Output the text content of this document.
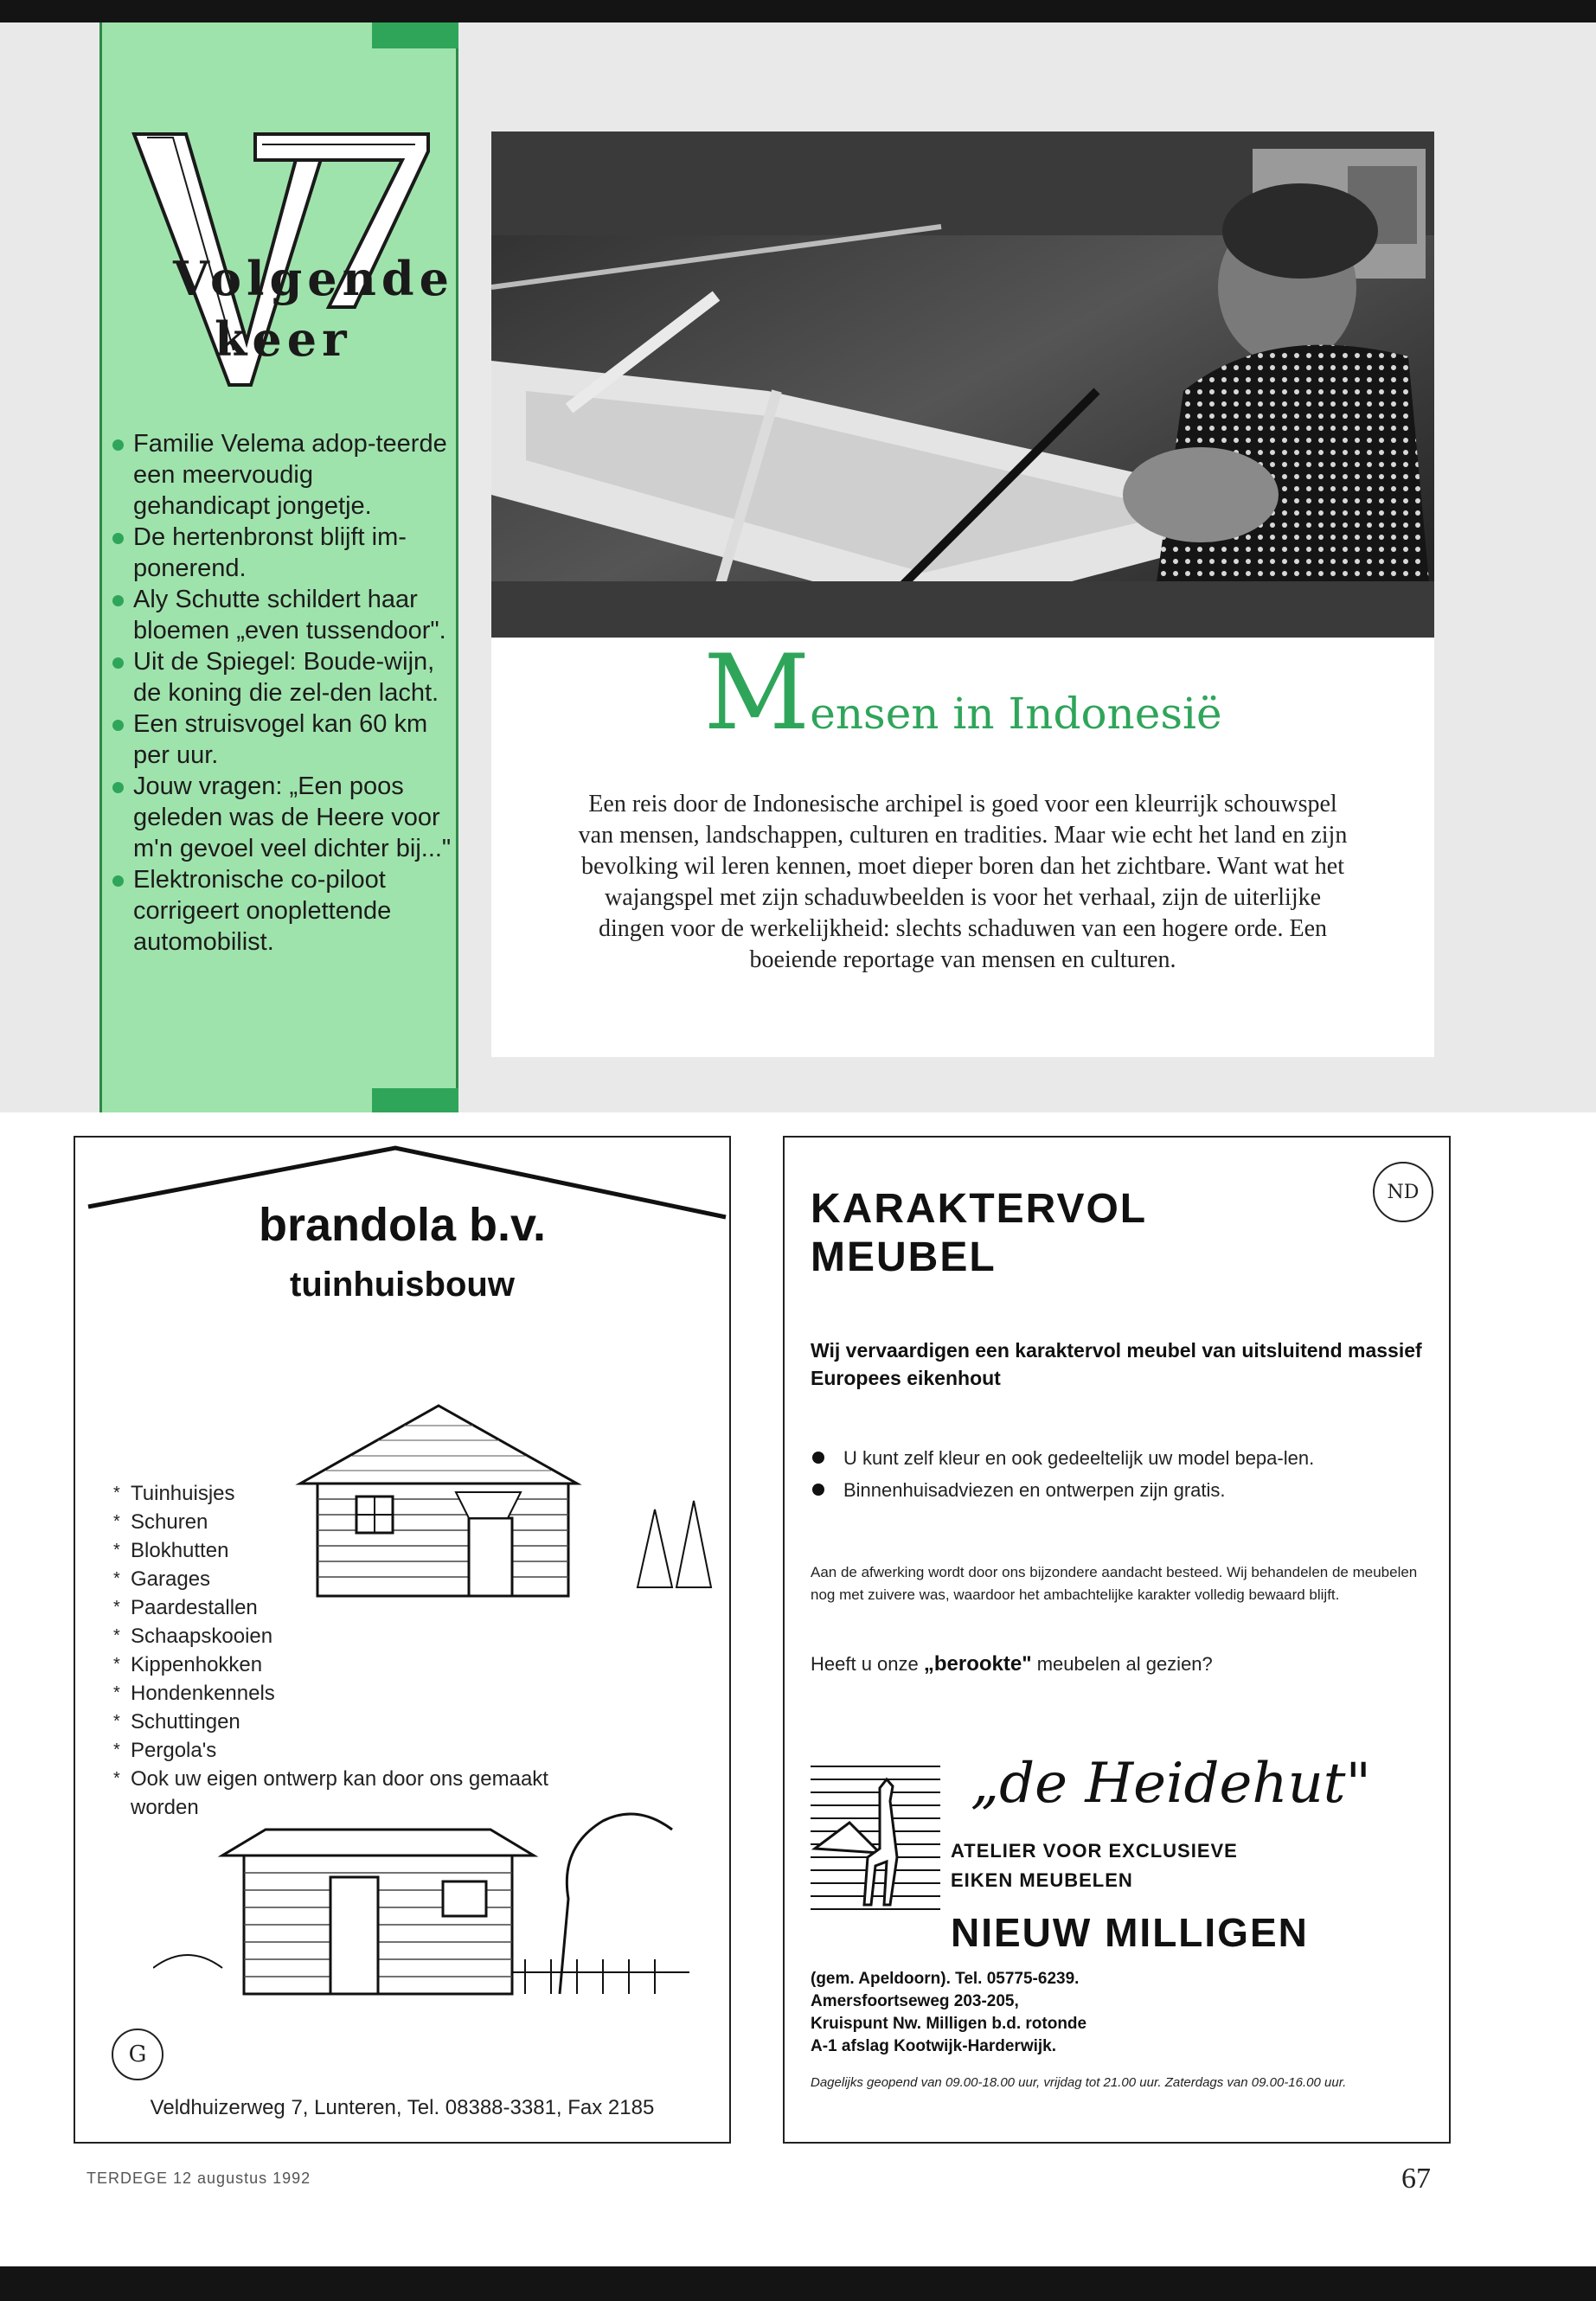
Volgende
keer
Familie Velema adop-teerde een meervoudig gehandicapt jongetje.
De hertenbronst blijft im-ponerend.
Aly Schutte schildert haar bloemen „even tussendoor".
Uit de Spiegel: Boude-wijn, de koning die zel-den lacht.
Een struisvogel kan 60 km per uur.
Jouw vragen: „Een poos geleden was de Heere voor m'n gevoel veel dichter bij..."
Elektronische co-piloot corrigeert onoplettende automobilist.
Mensen in Indonesië
Een reis door de Indonesische archipel is goed voor een kleurrijk schouwspel van mensen, landschappen, culturen en tradities. Maar wie echt het land en zijn bevolking wil leren kennen, moet dieper boren dan het zichtbare. Want wat het wajangspel met zijn schaduwbeelden is voor het verhaal, zijn de uiterlijke dingen voor de werkelijkheid: slechts schaduwen van een hogere orde. Een boeiende reportage van mensen en culturen.
brandola b.v.
tuinhuisbouw
* Tuinhuisjes
* Schuren
* Blokhutten
* Garages
* Paardestallen
* Schaapskooien
* Kippenhokken
* Hondenkennels
* Schuttingen
* Pergola's
* Ook uw eigen ontwerp kan door ons gemaakt worden
G
Veldhuizerweg 7, Lunteren, Tel. 08388-3381, Fax 2185
ND
KARAKTERVOL
MEUBEL
Wij vervaardigen een karaktervol meubel van uitsluitend massief Europees eikenhout
U kunt zelf kleur en ook gedeeltelijk uw model bepa-len.
Binnenhuisadviezen en ontwerpen zijn gratis.
Aan de afwerking wordt door ons bijzondere aandacht besteed. Wij behandelen de meubelen nog met zuivere was, waardoor het ambachtelijke karakter volledig bewaard blijft.
Heeft u onze „berookte" meubelen al gezien?
„de Heidehut"
ATELIER VOOR EXCLUSIEVE
EIKEN MEUBELEN
NIEUW MILLIGEN
(gem. Apeldoorn). Tel. 05775-6239.
Amersfoortseweg 203-205,
Kruispunt Nw. Milligen b.d. rotonde
A-1 afslag Kootwijk-Harderwijk.
Dagelijks geopend van 09.00-18.00 uur, vrijdag tot 21.00 uur. Zaterdags van 09.00-16.00 uur.
TERDEGE 12 augustus 1992	67
